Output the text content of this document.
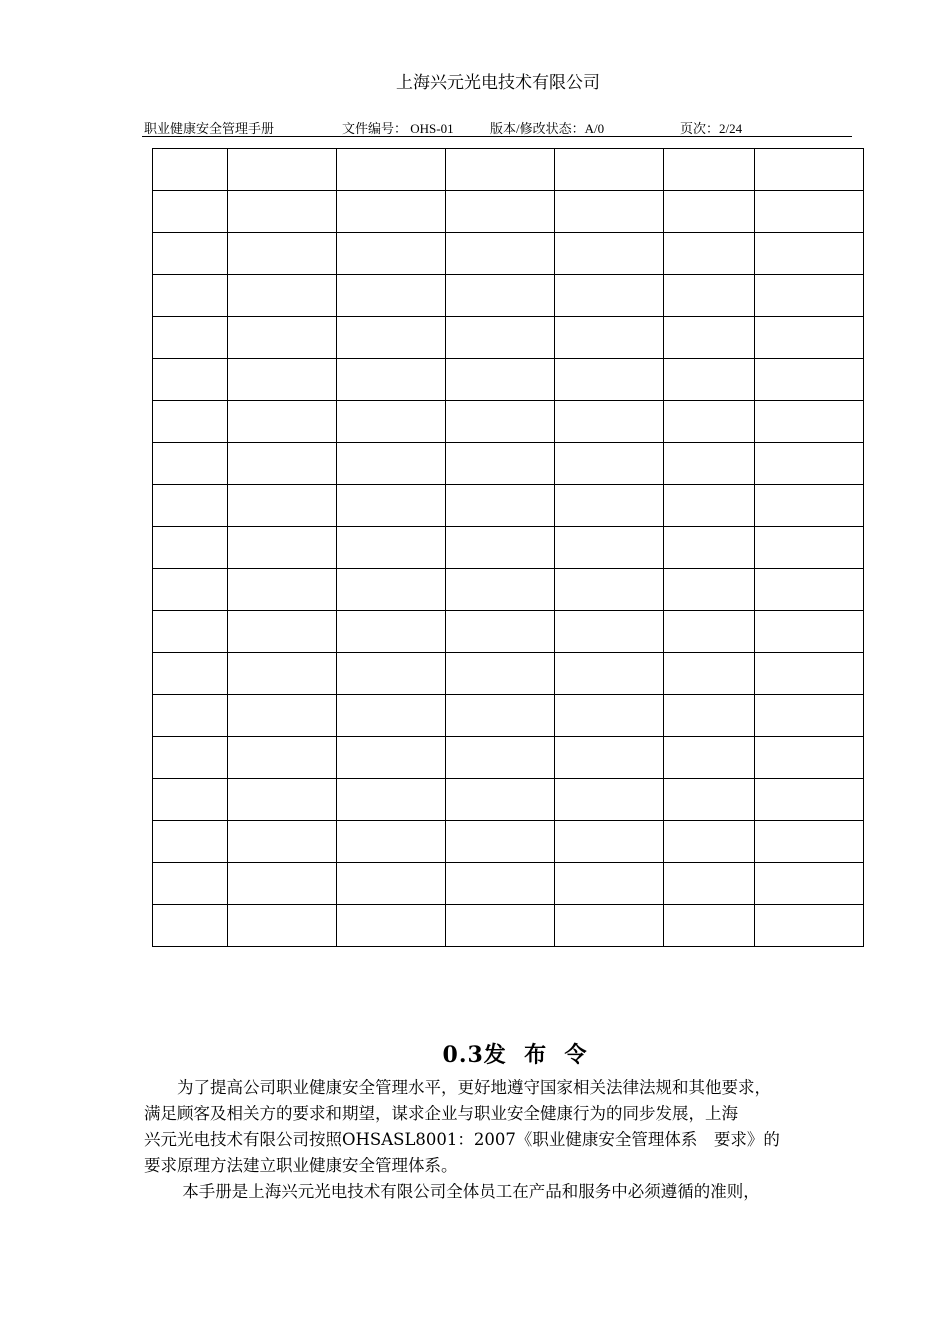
上海兴元光电技术有限公司
职业健康安全管理手册	文件编号： OHS-01	版本/修改状态：A/0	页次：2/24

0.3发  布  令

　　为了提高公司职业健康安全管理水平，更好地遵守国家相关法律法规和其他要求，
满足顾客及相关方的要求和期望，谋求企业与职业安全健康行为的同步发展，上海
兴元光电技术有限公司按照OHSASL8001：2007《职业健康安全管理体系　要求》的
要求原理方法建立职业健康安全管理体系。

　　 本手册是上海兴元光电技术有限公司全体员工在产品和服务中必须遵循的准则，
